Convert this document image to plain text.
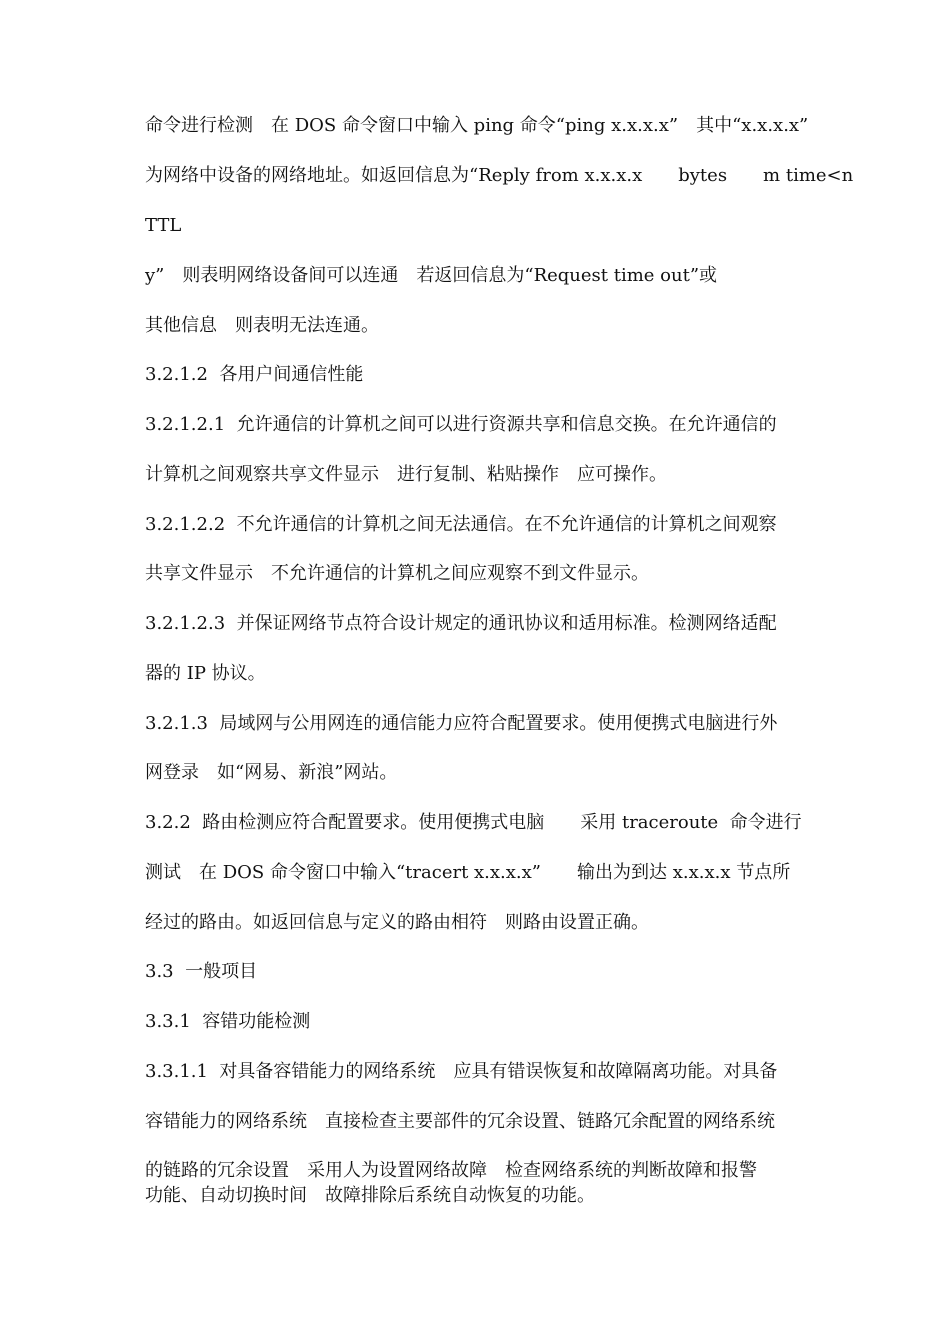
命令进行检测　在 DOS 命令窗口中输入 ping 命令“ping x.x.x.x”　其中“x.x.x.x”
为网络中设备的网络地址。如返回信息为“Reply from x.x.x.x　　bytes　　m time<n
TTL
y”　则表明网络设备间可以连通　若返回信息为“Request time out”或
其他信息　则表明无法连通。
3.2.1.2  各用户间通信性能
3.2.1.2.1  允许通信的计算机之间可以进行资源共享和信息交换。在允许通信的
计算机之间观察共享文件显示　进行复制、粘贴操作　应可操作。
3.2.1.2.2  不允许通信的计算机之间无法通信。在不允许通信的计算机之间观察
共享文件显示　不允许通信的计算机之间应观察不到文件显示。
3.2.1.2.3  并保证网络节点符合设计规定的通讯协议和适用标准。检测网络适配
器的 IP 协议。
3.2.1.3  局域网与公用网连的通信能力应符合配置要求。使用便携式电脑进行外
网登录　如“网易、新浪”网站。
3.2.2  路由检测应符合配置要求。使用便携式电脑　　采用 traceroute  命令进行
测试　在 DOS 命令窗口中输入“tracert x.x.x.x”　　输出为到达 x.x.x.x 节点所
经过的路由。如返回信息与定义的路由相符　则路由设置正确。
3.3  一般项目
3.3.1  容错功能检测
3.3.1.1  对具备容错能力的网络系统　应具有错误恢复和故障隔离功能。对具备
容错能力的网络系统　直接检查主要部件的冗余设置、链路冗余配置的网络系统
的链路的冗余设置　采用人为设置网络故障　检查网络系统的判断故障和报警
功能、自动切换时间　故障排除后系统自动恢复的功能。
